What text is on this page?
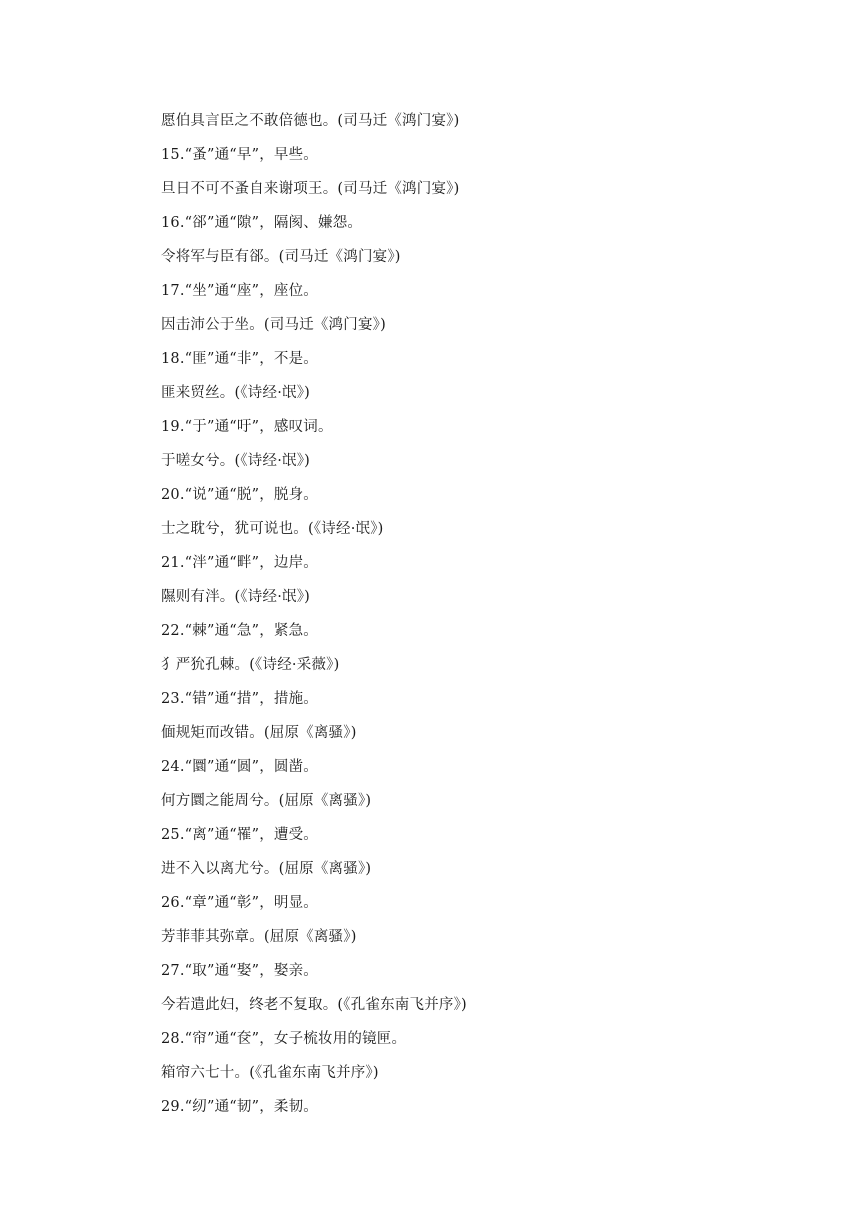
愿伯具言臣之不敢倍德也。(司马迁《鸿门宴》)
15.“蚤”通“早”，早些。
旦日不可不蚤自来谢项王。(司马迁《鸿门宴》)
16.“郤”通“隙”，隔阂、嫌怨。
令将军与臣有郤。(司马迁《鸿门宴》)
17.“坐”通“座”，座位。
因击沛公于坐。(司马迁《鸿门宴》)
18.“匪”通“非”，不是。
匪来贸丝。(《诗经·氓》)
19.“于”通“吁”，感叹词。
于嗟女兮。(《诗经·氓》)
20.“说”通“脱”，脱身。
士之耽兮，犹可说也。(《诗经·氓》)
21.“泮”通“畔”，边岸。
隰则有泮。(《诗经·氓》)
22.“棘”通“急”，紧急。
犭严狁孔棘。(《诗经·采薇》)
23.“错”通“措”，措施。
偭规矩而改错。(屈原《离骚》)
24.“圜”通“圆”，圆凿。
何方圜之能周兮。(屈原《离骚》)
25.“离”通“罹”，遭受。
进不入以离尤兮。(屈原《离骚》)
26.“章”通“彰”，明显。
芳菲菲其弥章。(屈原《离骚》)
27.“取”通“娶”，娶亲。
今若遣此妇，终老不复取。(《孔雀东南飞并序》)
28.“帘”通“奁”，女子梳妆用的镜匣。
箱帘六七十。(《孔雀东南飞并序》)
29.“纫”通“韧”，柔韧。
